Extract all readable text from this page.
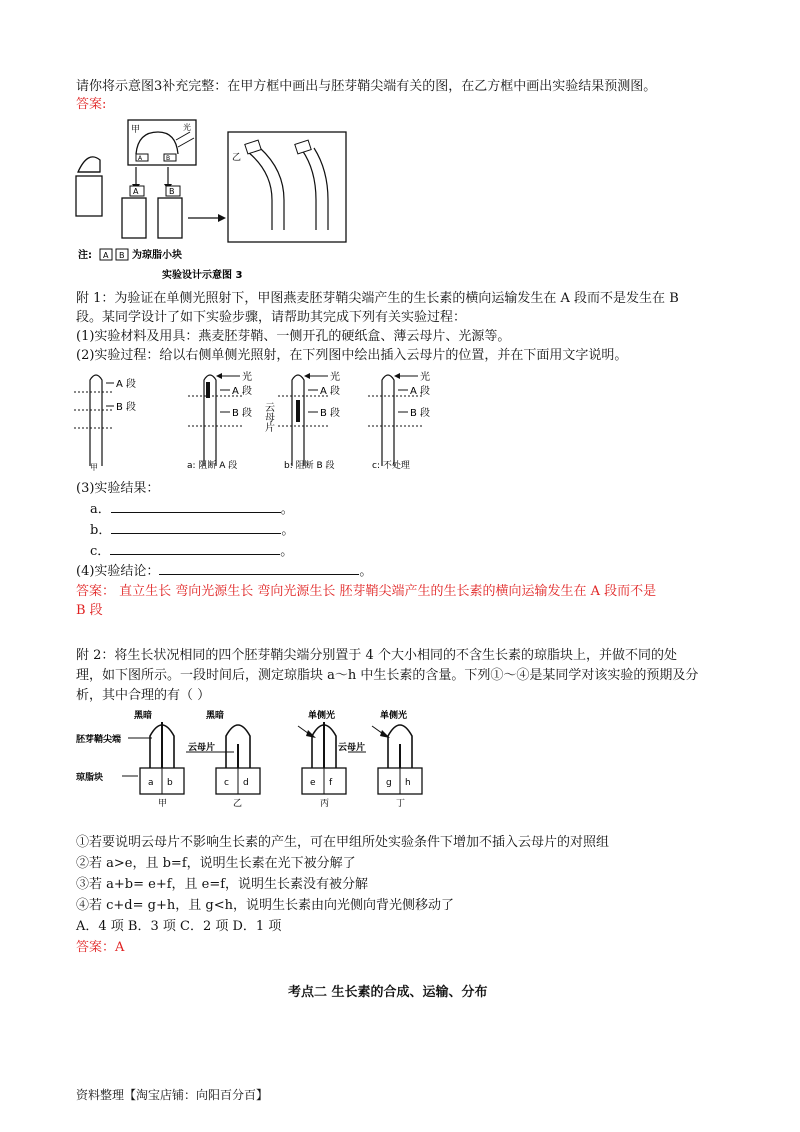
请你将示意图3补充完整：在甲方框中画出与胚芽鞘尖端有关的图，在乙方框中画出实验结果预测图。
答案:
甲
A	B
光
A	B
乙
注: A B 为琼脂小块
实验设计示意图 3
附 1：为验证在单侧光照射下，甲图燕麦胚芽鞘尖端产生的生长素的横向运输发生在 A 段而不是发生在 B
段。某同学设计了如下实验步骤，请帮助其完成下列有关实验过程：
(1)实验材料及用具：燕麦胚芽鞘、一侧开孔的硬纸盒、薄云母片、光源等。
(2)实验过程：给以右侧单侧光照射，在下列图中绘出插入云母片的位置，并在下面用文字说明。
A 段
B 段
甲
光
A 段
B 段
a: 阻断 A 段
云母片
光
A 段
B 段
b: 阻断 B 段
光
A 段
B 段
c: 不处理
(3)实验结果：
a．	。
b．	。
c．	。
(4)实验结论：	。
答案： 直立生长 弯向光源生长 弯向光源生长 胚芽鞘尖端产生的生长素的横向运输发生在 A 段而不是
B 段
附 2：将生长状况相同的四个胚芽鞘尖端分别置于 4 个大小相同的不含生长素的琼脂块上，并做不同的处
理，如下图所示。一段时间后，测定琼脂块 a～h 中生长素的含量。下列①～④是某同学对该实验的预期及分
析，其中合理的有（ ）
黑暗	黑暗	单侧光	单侧光
胚芽鞘尖端
琼脂块	a b
甲
云母片
c d
乙
e f
丙
云母片
g h
丁
①若要说明云母片不影响生长素的产生，可在甲组所处实验条件下增加不插入云母片的对照组
②若 a>e，且 b=f，说明生长素在光下被分解了
③若 a+b= e+f，且 e=f，说明生长素没有被分解
④若 c+d= g+h，且 g<h，说明生长素由向光侧向背光侧移动了
A．4 项 B．3 项 C．2 项 D．1 项
答案：A
考点二 生长素的合成、运输、分布
资料整理【淘宝店铺：向阳百分百】
